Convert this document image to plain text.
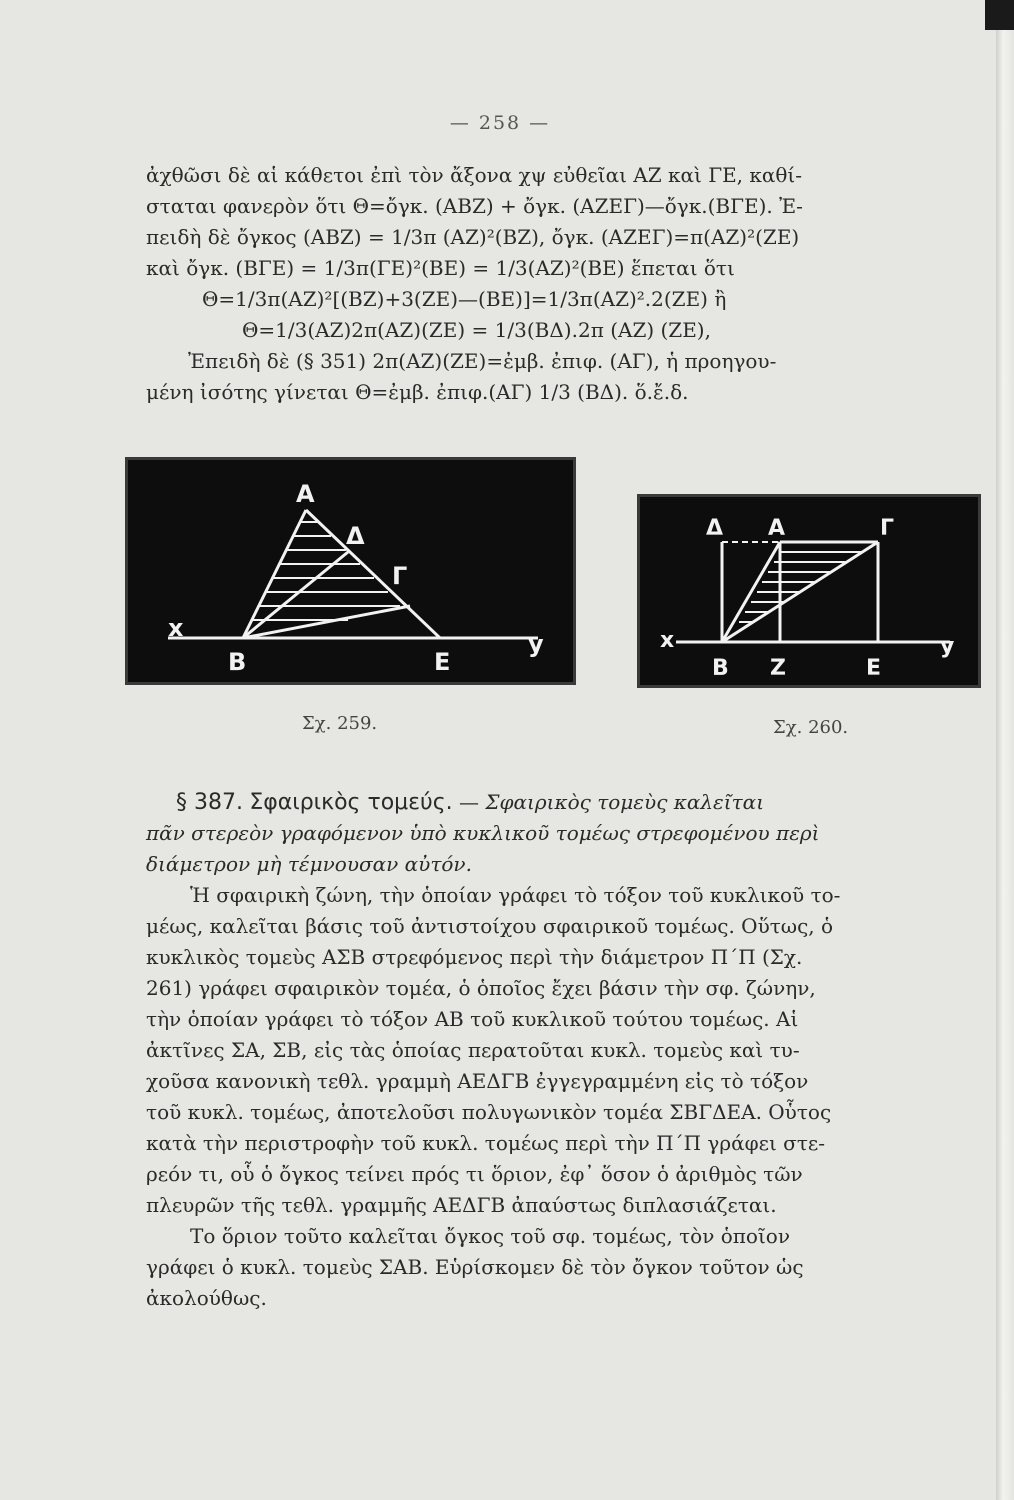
— 258 —
ἀχθῶσι δὲ αἱ κάθετοι ἐπὶ τὸν ἄξονα χψ εὐθεῖαι ΑΖ καὶ ΓΕ, καθί-
σταται φανερὸν ὅτι Θ=ὄγκ. (ΑΒΖ) + ὄγκ. (ΑΖΕΓ)—ὄγκ.(ΒΓΕ). Ἐ-
πειδὴ δὲ ὄγκος (ΑΒΖ) = 1/3π (ΑΖ)²(ΒΖ), ὄγκ. (ΑΖΕΓ)=π(ΑΖ)²(ΖΕ)
καὶ ὄγκ. (ΒΓΕ) = 1/3π(ΓΕ)²(ΒΕ) = 1/3(ΑΖ)²(ΒΕ) ἕπεται ὅτι
Θ=1/3π(ΑΖ)²[(ΒΖ)+3(ΖΕ)—(ΒΕ)]=1/3π(ΑΖ)².2(ΖΕ) ἢ
Θ=1/3(ΑΖ)2π(ΑΖ)(ΖΕ) = 1/3(ΒΔ).2π (ΑΖ) (ΖΕ),
Ἐπειδὴ δὲ (§ 351) 2π(ΑΖ)(ΖΕ)=ἐμβ. ἐπιφ. (ΑΓ), ἡ προηγου-
μένη ἰσότης γίνεται Θ=ἐμβ. ἐπιφ.(ΑΓ) 1/3 (ΒΔ). ὅ.ἔ.δ.
Α
Δ
Γ
x
y
Β	Ε
Σχ. 259.
Δ Α	Γ
x	y
Β Ζ	Ε
Σχ. 260.
§ 387. Σφαιρικὸς τομεύς. — Σφαιρικὸς τομεὺς καλεῖται
πᾶν στερεὸν γραφόμενον ὑπὸ κυκλικοῦ τομέως στρεφομένου περὶ
διάμετρον μὴ τέμνουσαν αὐτόν.
Ἡ σφαιρικὴ ζώνη, τὴν ὁποίαν γράφει τὸ τόξον τοῦ κυκλικοῦ το-
μέως, καλεῖται βάσις τοῦ ἀντιστοίχου σφαιρικοῦ τομέως. Οὕτως, ὁ
κυκλικὸς τομεὺς ΑΣΒ στρεφόμενος περὶ τὴν διάμετρον Π΄Π (Σχ.
261) γράφει σφαιρικὸν τομέα, ὁ ὁποῖος ἔχει βάσιν τὴν σφ. ζώνην,
τὴν ὁποίαν γράφει τὸ τόξον ΑΒ τοῦ κυκλικοῦ τούτου τομέως. Αἱ
ἀκτῖνες ΣΑ, ΣΒ, εἰς τὰς ὁποίας περατοῦται κυκλ. τομεὺς καὶ τυ-
χοῦσα κανονικὴ τεθλ. γραμμὴ ΑΕΔΓΒ ἐγγεγραμμένη εἰς τὸ τόξον
τοῦ κυκλ. τομέως, ἀποτελοῦσι πολυγωνικὸν τομέα ΣΒΓΔΕΑ. Οὗτος
κατὰ τὴν περιστροφὴν τοῦ κυκλ. τομέως περὶ τὴν Π΄Π γράφει στε-
ρεόν τι, οὗ ὁ ὄγκος τείνει πρός τι ὅριον, ἐφ᾽ ὅσον ὁ ἀριθμὸς τῶν
πλευρῶν τῆς τεθλ. γραμμῆς ΑΕΔΓΒ ἀπαύστως διπλασιάζεται.
Το ὅριον τοῦτο καλεῖται ὄγκος τοῦ σφ. τομέως, τὸν ὁποῖον
γράφει ὁ κυκλ. τομεὺς ΣΑΒ. Εὑρίσκομεν δὲ τὸν ὄγκον τοῦτον ὡς
ἀκολούθως.
